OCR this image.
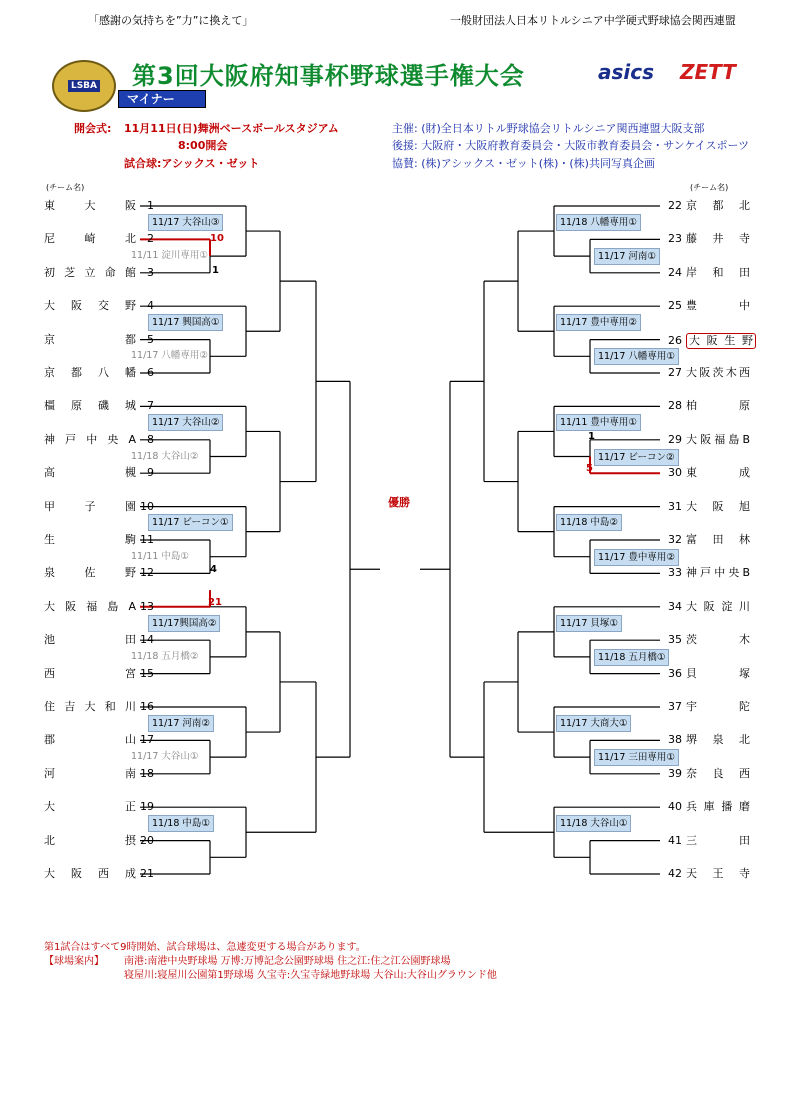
「感謝の気持ちを”力”に換えて」	一般財団法人日本リトルシニア中学硬式野球協会関西連盟
LSBA 第3回大阪府知事杯野球選手権大会
マイナー
asics ZETT
開会式: 11月11日(日)舞洲ベースボールスタジアム
8:00開会
試合球:アシックス・ゼット
主催: (財)全日本リトル野球協会リトルシニア関西連盟大阪支部
後援: 大阪府・大阪府教育委員会・大阪市教育委員会・サンケイスポーツ
協賛: (株)アシックス・ゼット(株)・(株)共同写真企画
(チーム名)	(チーム名)
東大阪 1
尼崎北 2
初芝立命館 3
大阪交野 4
京都 5
京都八幡 6
橿原磯城 7
神戸中央A 8
高槻 9
甲子園 10
生駒 11
泉佐野 12
大阪福島A 13
池田 14
西宮 15
住吉大和川 16
郡山 17
河南 18
大正 19
北摂 20
大阪西成 21
22 京都北
23 藤井寺
24 岸和田
25 豊中
26 大阪生野
27 大阪茨木西
28 柏原
29 大阪福島B
30 東成
31 大阪旭
32 富田林
33 神戸中央B
34 大阪淀川
35 茨木
36 貝塚
37 宇陀
38 堺泉北
39 奈良西
40 兵庫播磨
41 三田
42 天王寺
11/17 大谷山③
11/11 淀川専用①
11/17 興国高①
11/17 八幡専用②
11/17 大谷山②
11/18 大谷山②
11/17 ビーコン①
11/11 中島①
11/17興国高②
11/18 五月橋②
11/17 河南②
11/17 大谷山①
11/18 中島①
11/18 八幡専用①
11/17 河南①
11/17 豊中専用②
11/17 八幡専用①
11/11 豊中専用①
11/17 ビーコン②
11/18 中島②
11/17 豊中専用②
11/17 貝塚①
11/18 五月橋①
11/17 大商大①
11/17 三田専用①
11/18 大谷山①
10
1
4
21
1
5
優勝
第1試合はすべて9時開始、試合球場は、急遽変更する場合があります。
【球場案内】 南港:南港中央野球場 万博:万博記念公園野球場 住之江:住之江公園野球場
寝屋川:寝屋川公園第1野球場 久宝寺:久宝寺緑地野球場 大谷山:大谷山グラウンド他
